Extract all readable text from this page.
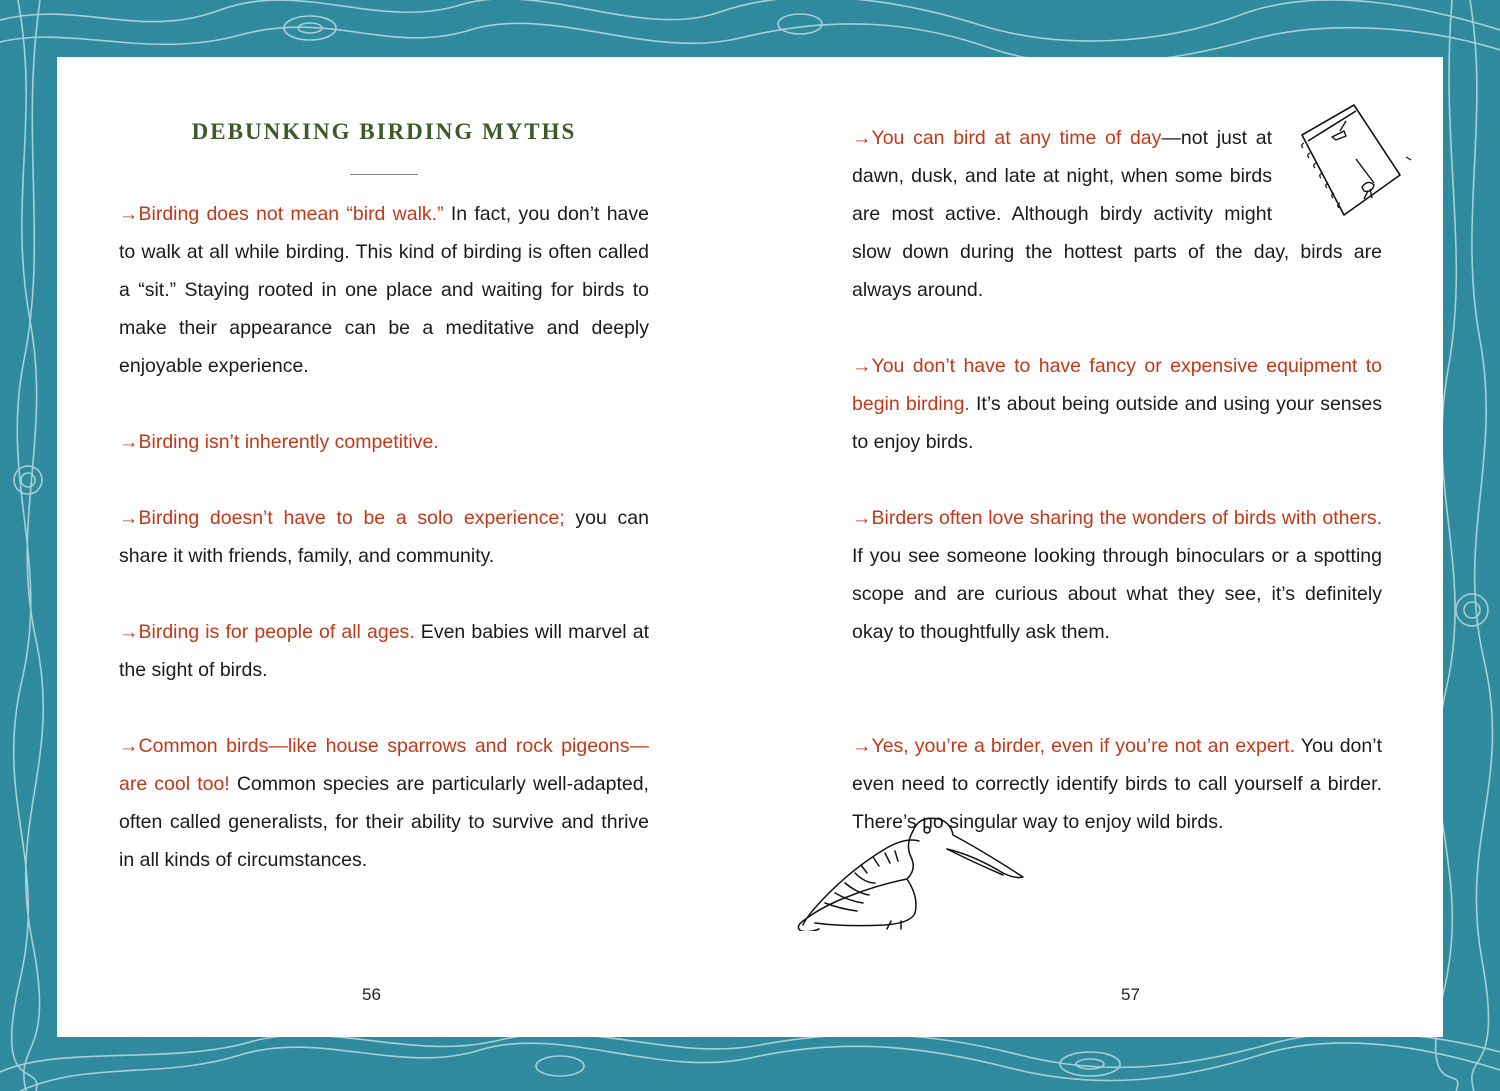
DEBUNKING BIRDING MYTHS

→Birding does not mean “bird walk.” In fact, you don’t have to walk at all while birding. This kind of birding is often called a “sit.” Staying rooted in one place and waiting for birds to make their appearance can be a meditative and deeply enjoyable experience.

→Birding isn’t inherently competitive.

→Birding doesn’t have to be a solo experience; you can share it with friends, family, and community.

→Birding is for people of all ages. Even babies will marvel at the sight of birds.

→Common birds—like house sparrows and rock pigeons—are cool too! Common species are particularly well-adapted, often called generalists, for their ability to survive and thrive in all kinds of circumstances.

→You can bird at any time of day—not just at dawn, dusk, and late at night, when some birds are most active. Although birdy activity might slow down during the hottest parts of the day, birds are always around.

→You don’t have to have fancy or expensive equipment to begin birding. It’s about being outside and using your senses to enjoy birds.

→Birders often love sharing the wonders of birds with others. If you see someone looking through binoculars or a spotting scope and are curious about what they see, it’s definitely okay to thoughtfully ask them.

→Yes, you’re a birder, even if you’re not an expert. You don’t even need to correctly identify birds to call yourself a birder. There’s no singular way to enjoy wild birds.

56	57
